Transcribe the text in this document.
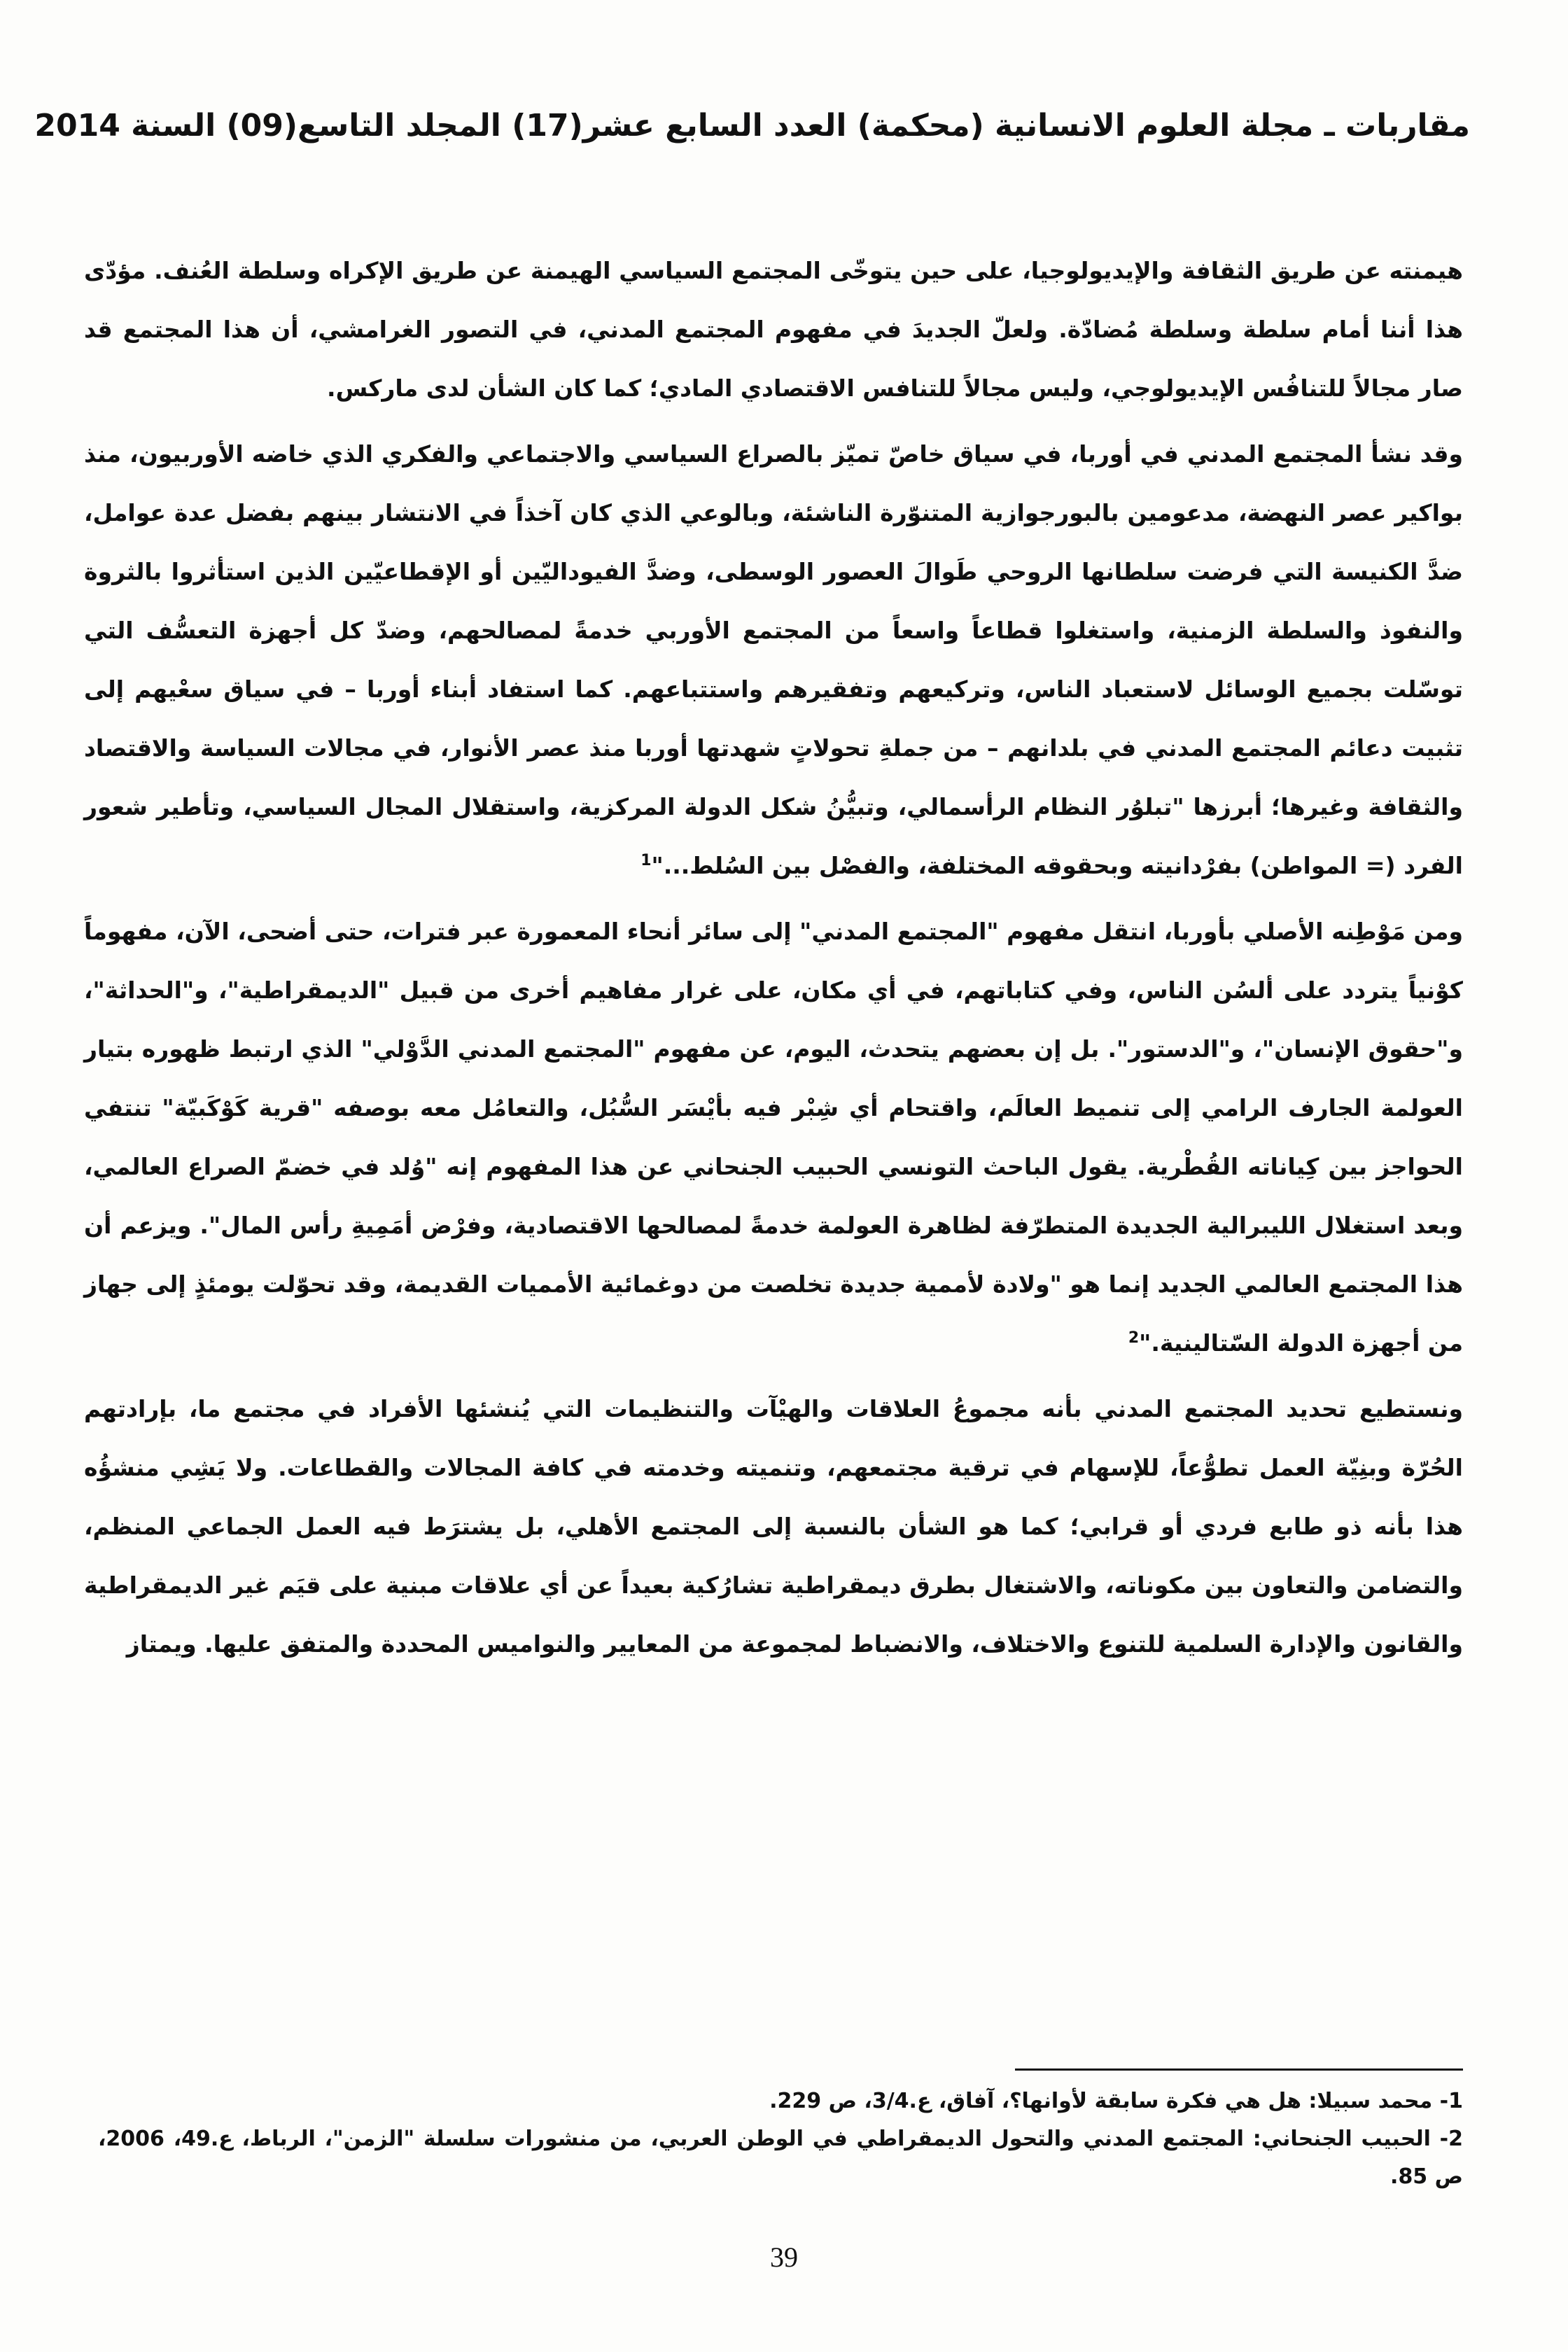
مقاربات ـ مجلة العلوم الانسانية (محكمة) العدد السابع عشر(17) المجلد التاسع(09) السنة 2014

هيمنته عن طريق الثقافة والإيديولوجيا، على حين يتوخّى المجتمع السياسي الهيمنة عن طريق الإكراه وسلطة العُنف. مؤدّى هذا أننا أمام سلطة وسلطة مُضادّة. ولعلّ الجديدَ في مفهوم المجتمع المدني، في التصور الغرامشي، أن هذا المجتمع قد صار مجالاً للتنافُس الإيديولوجي، وليس مجالاً للتنافس الاقتصادي المادي؛ كما كان الشأن لدى ماركس.

وقد نشأ المجتمع المدني في أوربا، في سياق خاصّ تميّز بالصراع السياسي والاجتماعي والفكري الذي خاضه الأوربيون، منذ بواكير عصر النهضة، مدعومين بالبورجوازية المتنوّرة الناشئة، وبالوعي الذي كان آخذاً في الانتشار بينهم بفضل عدة عوامل، ضدَّ الكنيسة التي فرضت سلطانها الروحي طَوالَ العصور الوسطى، وضدَّ الفيوداليّين أو الإقطاعيّين الذين استأثروا بالثروة والنفوذ والسلطة الزمنية، واستغلوا قطاعاً واسعاً من المجتمع الأوربي خدمةً لمصالحهم، وضدّ كل أجهزة التعسُّف التي توسّلت بجميع الوسائل لاستعباد الناس، وتركيعهم وتفقيرهم واستتباعهم. كما استفاد أبناء أوربا – في سياق سعْيهم إلى تثبيت دعائم المجتمع المدني في بلدانهم – من جملةِ تحولاتٍ شهدتها أوربا منذ عصر الأنوار، في مجالات السياسة والاقتصاد والثقافة وغيرها؛ أبرزها "تبلوُر النظام الرأسمالي، وتبيُّنُ شكل الدولة المركزية، واستقلال المجال السياسي، وتأطير شعور الفرد (= المواطن) بفرْدانيته وبحقوقه المختلفة، والفصْل بين السُلط..."$^1$

ومن مَوْطِنه الأصلي بأوربا، انتقل مفهوم "المجتمع المدني" إلى سائر أنحاء المعمورة عبر فترات، حتى أضحى، الآن، مفهوماً كوْنياً يتردد على ألسُن الناس، وفي كتاباتهم، في أي مكان، على غرار مفاهيم أخرى من قبيل "الديمقراطية"، و"الحداثة"، و"حقوق الإنسان"، و"الدستور". بل إن بعضهم يتحدث، اليوم، عن مفهوم "المجتمع المدني الدَّوْلي" الذي ارتبط ظهوره بتيار العولمة الجارف الرامي إلى تنميط العالَم، واقتحام أي شِبْر فيه بأيْسَر السُّبُل، والتعامُل معه بوصفه "قرية كَوْكَبيّة" تنتفي الحواجز بين كِياناته القُطْرية. يقول الباحث التونسي الحبيب الجنحاني عن هذا المفهوم إنه "وُلد في خضمّ الصراع العالمي، وبعد استغلال الليبرالية الجديدة المتطرّفة لظاهرة العولمة خدمةً لمصالحها الاقتصادية، وفرْض أمَمِيةِ رأس المال". ويزعم أن هذا المجتمع العالمي الجديد إنما هو "ولادة لأممية جديدة تخلصت من دوغمائية الأمميات القديمة، وقد تحوّلت يومئذٍ إلى جهاز من أجهزة الدولة السّتالينية."$^2$

ونستطيع تحديد المجتمع المدني بأنه مجموعُ العلاقات والهيْآت والتنظيمات التي يُنشئها الأفراد في مجتمع ما، بإرادتهم الحُرّة وبنِيّة العمل تطوُّعاً، للإسهام في ترقية مجتمعهم، وتنميته وخدمته في كافة المجالات والقطاعات. ولا يَشِي منشؤُه هذا بأنه ذو طابع فردي أو قرابي؛ كما هو الشأن بالنسبة إلى المجتمع الأهلي، بل يشترَط فيه العمل الجماعي المنظم، والتضامن والتعاون بين مكوناته، والاشتغال بطرق ديمقراطية تشارُكية بعيداً عن أي علاقات مبنية على قيَم غير الديمقراطية والقانون والإدارة السلمية للتنوع والاختلاف، والانضباط لمجموعة من المعايير والنواميس المحددة والمتفق عليها. ويمتاز

1- محمد سبيلا: هل هي فكرة سابقة لأوانها؟، آفاق، ع.3/4، ص 229.

2- الحبيب الجنحاني: المجتمع المدني والتحول الديمقراطي في الوطن العربي، من منشورات سلسلة "الزمن"، الرباط، ع.49، 2006، ص 85.

39
